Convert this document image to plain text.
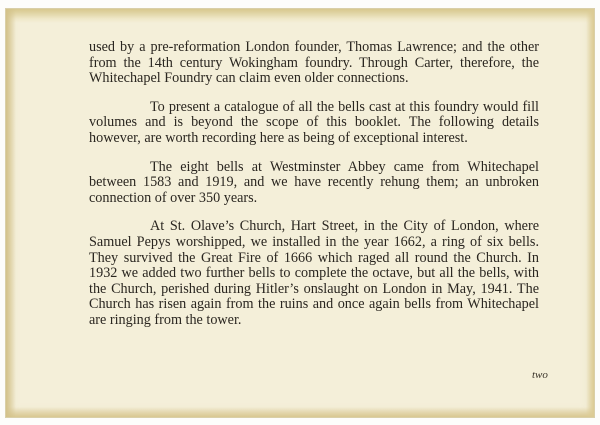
used by a pre-reformation London founder, Thomas Lawrence; and the other from the 14th century Wokingham foundry. Through Carter, therefore, the Whitechapel Foundry can claim even older connections.

To present a catalogue of all the bells cast at this foundry would fill volumes and is beyond the scope of this booklet. The following details however, are worth recording here as being of exceptional interest.

The eight bells at Westminster Abbey came from Whitechapel between 1583 and 1919, and we have recently rehung them; an unbroken connection of over 350 years.

At St. Olave’s Church, Hart Street, in the City of London, where Samuel Pepys worshipped, we installed in the year 1662, a ring of six bells. They survived the Great Fire of 1666 which raged all round the Church. In 1932 we added two further bells to complete the octave, but all the bells, with the Church, perished during Hitler’s onslaught on London in May, 1941. The Church has risen again from the ruins and once again bells from Whitechapel are ringing from the tower.

two
